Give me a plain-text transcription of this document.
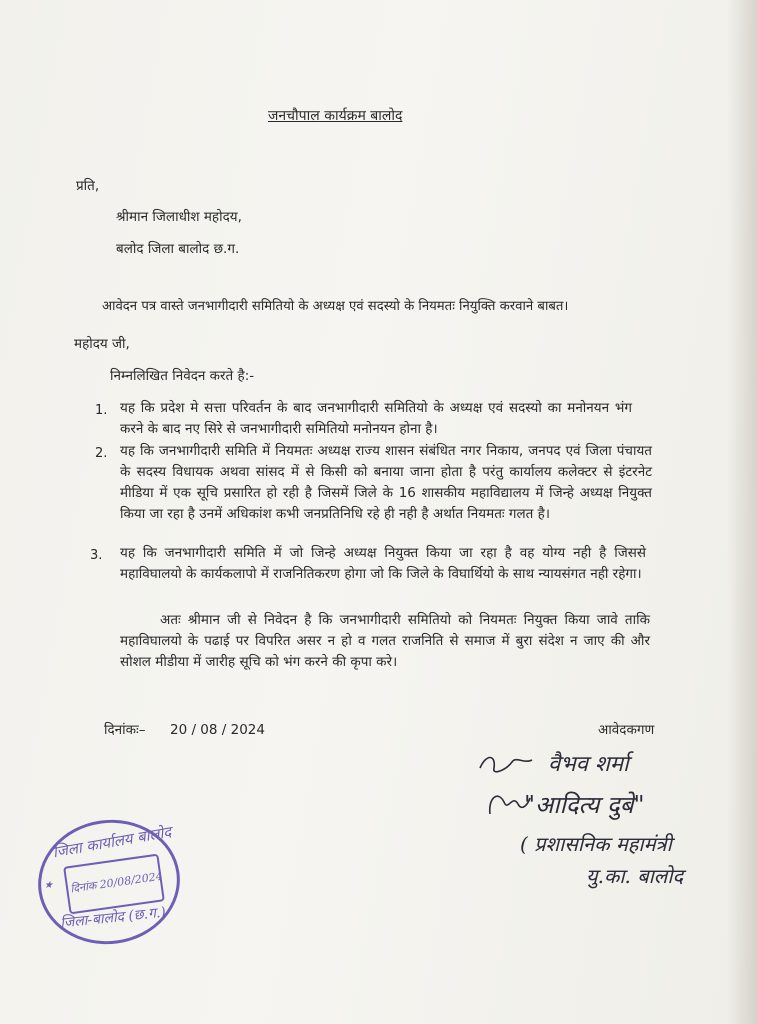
जनचौपाल कार्यक्रम बालोद
प्रति,
श्रीमान जिलाधीश महोदय,
बलोद जिला बालोद छ.ग.
आवेदन पत्र वास्ते जनभागीदारी समितियो के अध्यक्ष एवं सदस्यो के नियमतः नियुक्ति करवाने बाबत।
महोदय जी,
निम्नलिखित निवेदन करते है:-
1. यह कि प्रदेश मे सत्ता परिवर्तन के बाद जनभागीदारी समितियो के अध्यक्ष एवं सदस्यो का मनोनयन भंग करने के बाद नए सिरे से जनभागीदारी समितियो मनोनयन होना है।
2. यह कि जनभागीदारी समिति में नियमतः अध्यक्ष राज्य शासन संबंधित नगर निकाय, जनपद एवं जिला पंचायत के सदस्य विधायक अथवा सांसद में से किसी को बनाया जाना होता है परंतु कार्यालय कलेक्टर से इंटरनेट मीडिया में एक सूचि प्रसारित हो रही है जिसमें जिले के 16 शासकीय महाविद्यालय में जिन्हे अध्यक्ष नियुक्त किया जा रहा है उनमें अधिकांश कभी जनप्रतिनिधि रहे ही नही है अर्थात नियमतः गलत है।
3. यह कि जनभागीदारी समिति में जो जिन्हे अध्यक्ष नियुक्त किया जा रहा है वह योग्य नही है जिससे महाविघालयो के कार्यकलापो में राजनितिकरण होगा जो कि जिले के विघार्थियो के साथ न्यायसंगत नही रहेगा।
अतः श्रीमान जी से निवेदन है कि जनभागीदारी समितियो को नियमतः नियुक्त किया जावे ताकि महाविघालयो के पढाई पर विपरित असर न हो व गलत राजनिति से समाज में बुरा संदेश न जाए की और सोशल मीडीया में जारीह सूचि को भंग करने की कृपा करे।
दिनांकः– 20 / 08 / 2024	आवेदकगण
वैभव शर्मा
"आदित्य दुबे"
( प्रशासनिक महामंत्री
यु.का. बालोद
जिला कार्यालय बालोद
दिनांक 20/08/2024
जिला-बालोद (छ.ग.)
★
